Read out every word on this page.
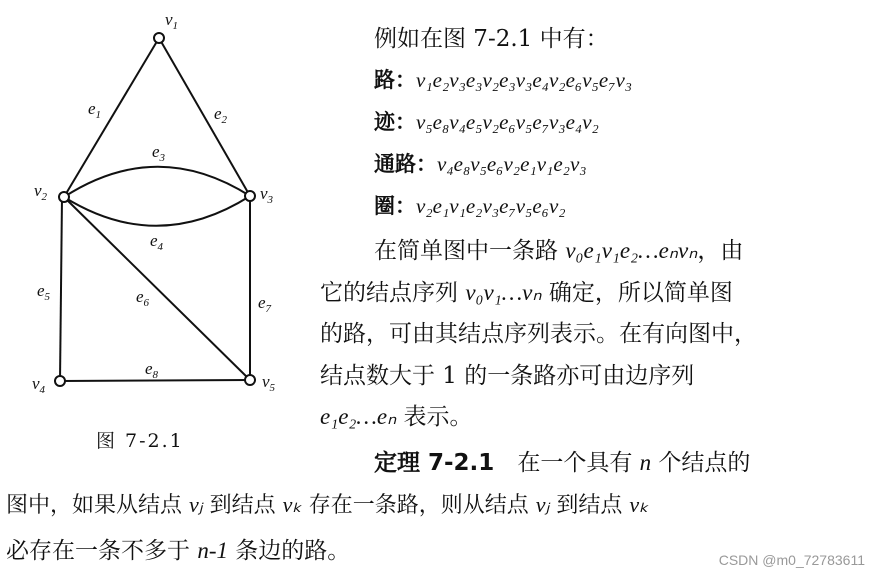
$v_1$
$v_2$	$v_3$
$v_4$	$v_5$
$e_1$	$e_2$
$e_3$
$e_4$
$e_5$	$e_6$	$e_7$
$e_8$
图 7-2.1
例如在图 7-2.1 中有：
路：v₁e₂v₃e₃v₂e₃v₃e₄v₂e₆v₅e₇v₃
迹：v₅e₈v₄e₅v₂e₆v₅e₇v₃e₄v₂
通路：v₄e₈v₅e₆v₂e₁v₁e₂v₃
圈：v₂e₁v₁e₂v₃e₇v₅e₆v₂
在简单图中一条路 v₀e₁v₁e₂…eₙvₙ，由
它的结点序列 v₀v₁…vₙ 确定，所以简单图
的路，可由其结点序列表示。在有向图中，
结点数大于 1 的一条路亦可由边序列
e₁e₂…eₙ 表示。
定理 7-2.1　在一个具有 n 个结点的
图中，如果从结点 vⱼ 到结点 vₖ 存在一条路，则从结点 vⱼ 到结点 vₖ
必存在一条不多于 n-1 条边的路。	CSDN @m0_72783611
